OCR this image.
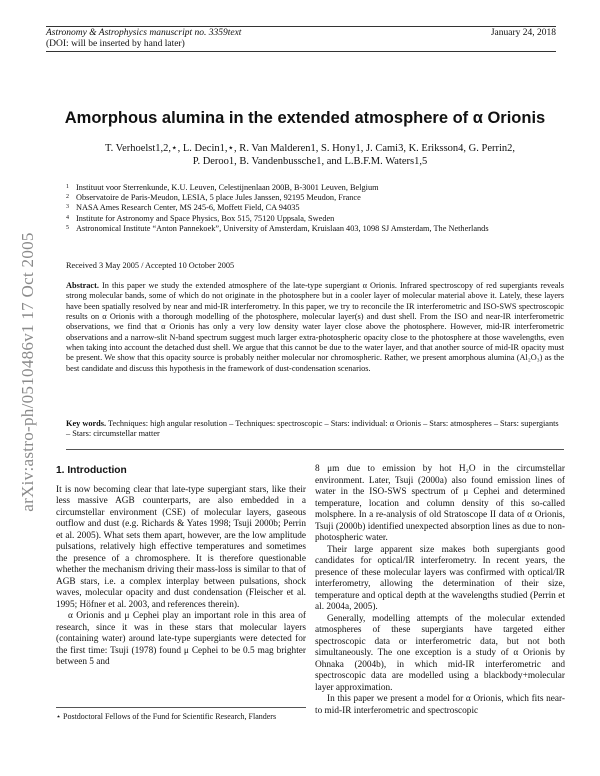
Astronomy & Astrophysics manuscript no. 3359text
(DOI: will be inserted by hand later)
January 24, 2018
arXiv:astro-ph/0510486v1 17 Oct 2005
Amorphous alumina in the extended atmosphere of α Orionis
T. Verhoelst1,2,⋆, L. Decin1,⋆, R. Van Malderen1, S. Hony1, J. Cami3, K. Eriksson4, G. Perrin2,
P. Deroo1, B. Vandenbussche1, and L.B.F.M. Waters1,5
1 Instituut voor Sterrenkunde, K.U. Leuven, Celestijnenlaan 200B, B-3001 Leuven, Belgium
2 Observatoire de Paris-Meudon, LESIA, 5 place Jules Janssen, 92195 Meudon, France
3 NASA Ames Research Center, MS 245-6, Moffett Field, CA 94035
4 Institute for Astronomy and Space Physics, Box 515, 75120 Uppsala, Sweden
5 Astronomical Institute “Anton Pannekoek”, University of Amsterdam, Kruislaan 403, 1098 SJ Amsterdam, The Netherlands
Received 3 May 2005 / Accepted 10 October 2005
Abstract. In this paper we study the extended atmosphere of the late-type supergiant α Orionis. Infrared spectroscopy of red supergiants reveals strong molecular bands, some of which do not originate in the photosphere but in a cooler layer of molecular material above it. Lately, these layers have been spatially resolved by near and mid-IR interferometry. In this paper, we try to reconcile the IR interferometric and ISO-SWS spectroscopic results on α Orionis with a thorough modelling of the photosphere, molecular layer(s) and dust shell. From the ISO and near-IR interferometric observations, we find that α Orionis has only a very low density water layer close above the photosphere. However, mid-IR interferometric observations and a narrow-slit N-band spectrum suggest much larger extra-photospheric opacity close to the photosphere at those wavelengths, even when taking into account the detached dust shell. We argue that this cannot be due to the water layer, and that another source of mid-IR opacity must be present. We show that this opacity source is probably neither molecular nor chromospheric. Rather, we present amorphous alumina (Al₂O₃) as the best candidate and discuss this hypothesis in the framework of dust-condensation scenarios.
Key words. Techniques: high angular resolution – Techniques: spectroscopic – Stars: individual: α Orionis – Stars: atmospheres – Stars: supergiants – Stars: circumstellar matter
1. Introduction

It is now becoming clear that late-type supergiant stars, like their less massive AGB counterparts, are also embedded in a circumstellar environment (CSE) of molecular layers, gaseous outflow and dust (e.g. Richards & Yates 1998; Tsuji 2000b; Perrin et al. 2005). What sets them apart, however, are the low amplitude pulsations, relatively high effective temperatures and sometimes the presence of a chromosphere. It is therefore questionable whether the mechanism driving their mass-loss is similar to that of AGB stars, i.e. a complex interplay between pulsations, shock waves, molecular opacity and dust condensation (Fleischer et al. 1995; Höfner et al. 2003, and references therein).

α Orionis and μ Cephei play an important role in this area of research, since it was in these stars that molecular layers (containing water) around late-type supergiants were detected for the first time: Tsuji (1978) found μ Cephei to be 0.5 mag brighter between 5 and

8 μm due to emission by hot H₂O in the circumstellar environment. Later, Tsuji (2000a) also found emission lines of water in the ISO-SWS spectrum of μ Cephei and determined temperature, location and column density of this so-called molsphere. In a re-analysis of old Stratoscope II data of α Orionis, Tsuji (2000b) identified unexpected absorption lines as due to non-photospheric water.

Their large apparent size makes both supergiants good candidates for optical/IR interferometry. In recent years, the presence of these molecular layers was confirmed with optical/IR interferometry, allowing the determination of their size, temperature and optical depth at the wavelengths studied (Perrin et al. 2004a, 2005).

Generally, modelling attempts of the molecular extended atmospheres of these supergiants have targeted either spectroscopic data or interferometric data, but not both simultaneously. The one exception is a study of α Orionis by Ohnaka (2004b), in which mid-IR interferometric and spectroscopic data are modelled using a blackbody+molecular layer approximation.

In this paper we present a model for α Orionis, which fits near- to mid-IR interferometric and spectroscopic

⋆ Postdoctoral Fellows of the Fund for Scientific Research, Flanders
